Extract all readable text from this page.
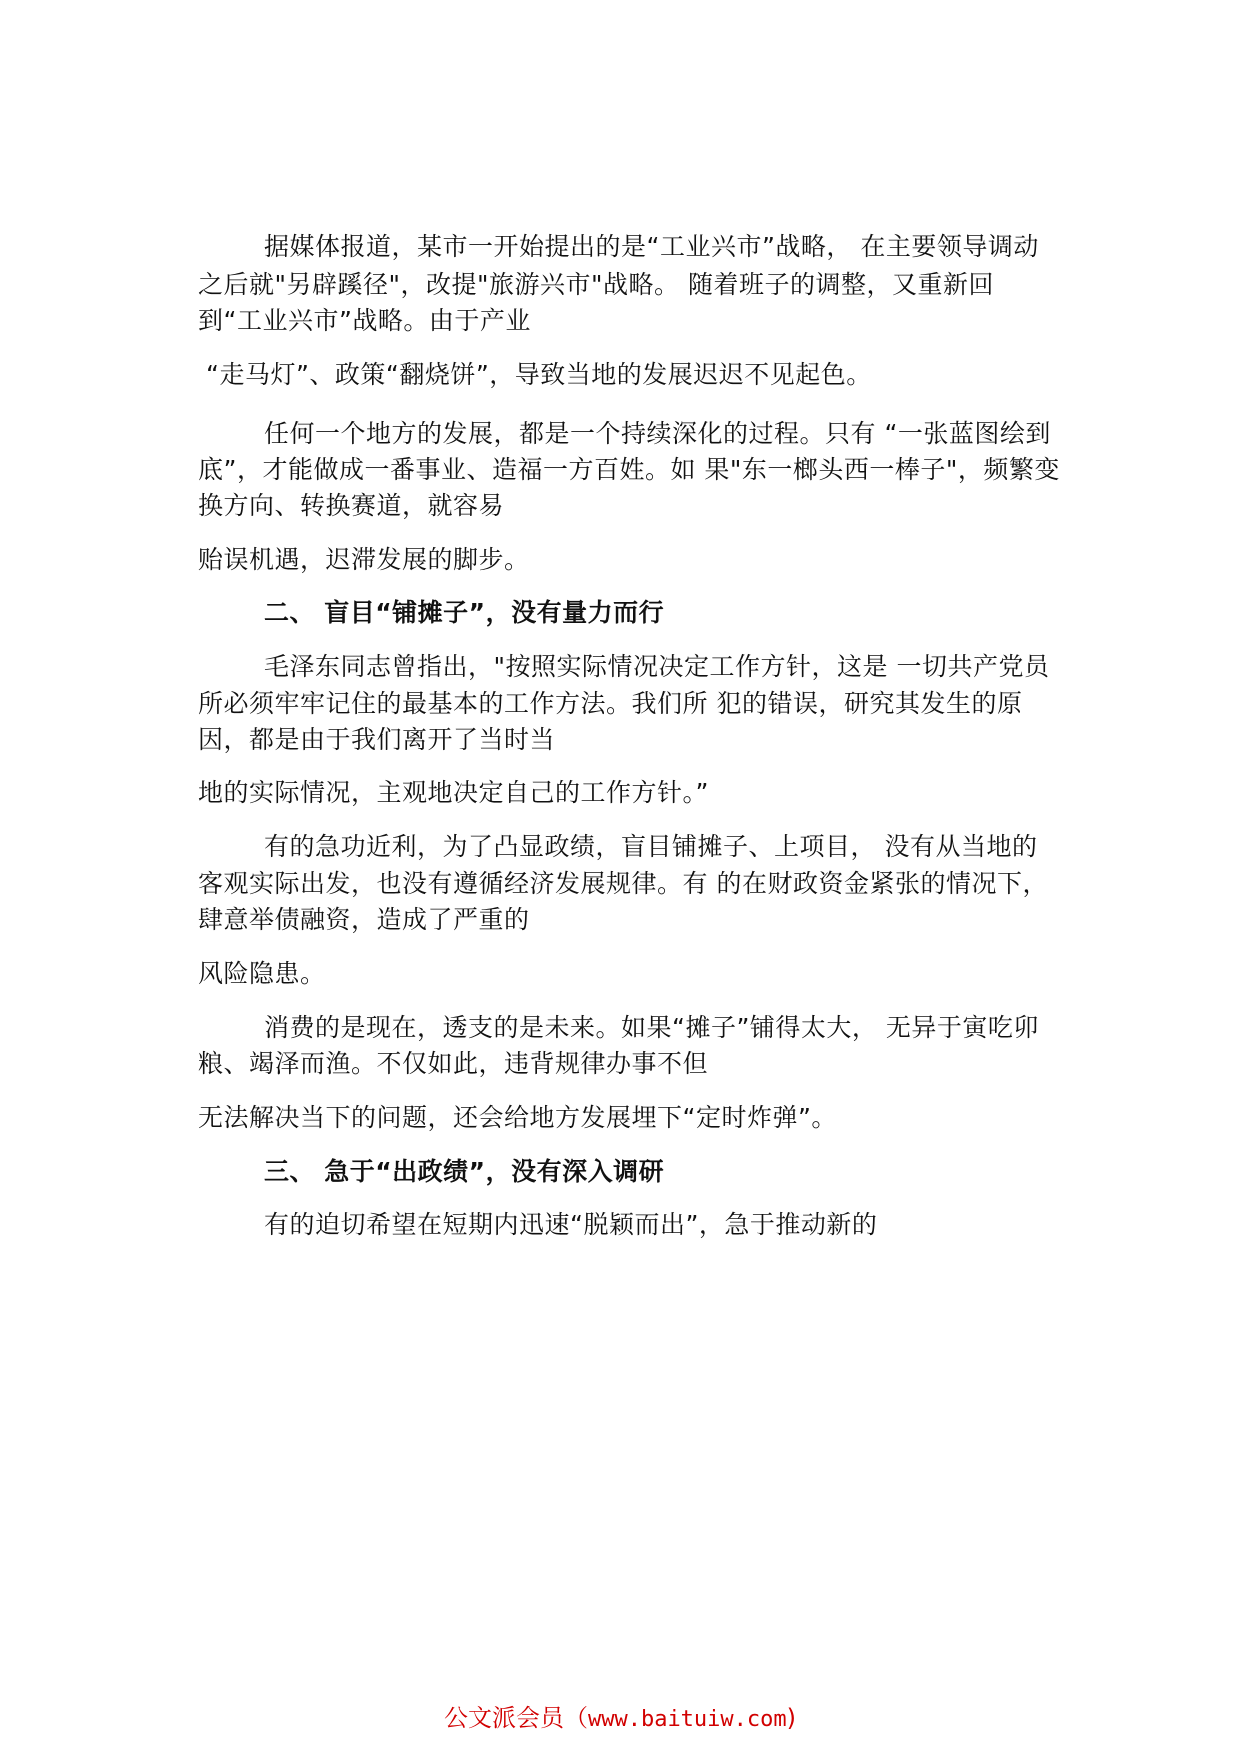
据媒体报道，某市一开始提出的是“工业兴市”战略， 在主要领导调动
之后就"另辟蹊径"，改提"旅游兴市"战略。 随着班子的调整，又重新回
到“工业兴市”战略。由于产业
“走马灯”、政策“翻烧饼”，导致当地的发展迟迟不见起色。
任何一个地方的发展，都是一个持续深化的过程。只有 “一张蓝图绘到
底”，才能做成一番事业、造福一方百姓。如 果"东一榔头西一棒子"，频繁变
换方向、转换赛道，就容易
贻误机遇，迟滞发展的脚步。
二、 盲目“铺摊子”，没有量力而行
毛泽东同志曾指出，"按照实际情况决定工作方针，这是 一切共产党员
所必须牢牢记住的最基本的工作方法。我们所 犯的错误，研究其发生的原
因，都是由于我们离开了当时当
地的实际情况，主观地决定自己的工作方针。”
有的急功近利，为了凸显政绩，盲目铺摊子、上项目， 没有从当地的
客观实际出发，也没有遵循经济发展规律。有 的在财政资金紧张的情况下，
肆意举债融资，造成了严重的
风险隐患。
消费的是现在，透支的是未来。如果“摊子”铺得太大， 无异于寅吃卯
粮、竭泽而渔。不仅如此，违背规律办事不但
无法解决当下的问题，还会给地方发展埋下“定时炸弹”。
三、 急于“出政绩”，没有深入调研
有的迫切希望在短期内迅速“脱颖而出”，急于推动新的
公文派会员（www.baituiw.com)
